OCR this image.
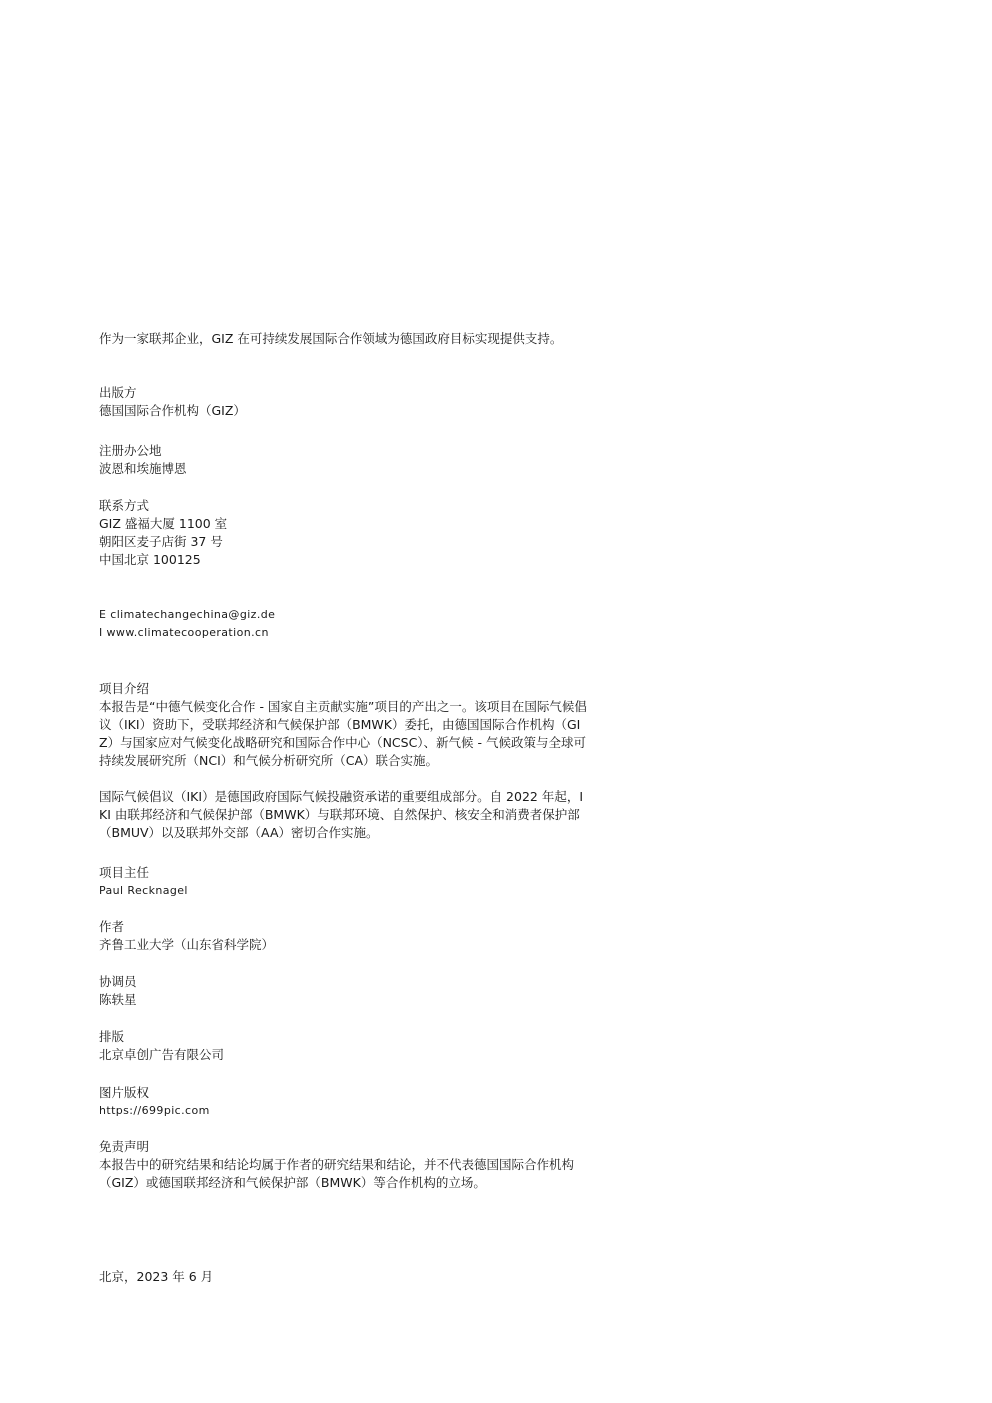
作为一家联邦企业，GIZ 在可持续发展国际合作领域为德国政府目标实现提供支持。
出版方
德国国际合作机构（GIZ）
注册办公地
波恩和埃施博恩
联系方式
GIZ 盛福大厦 1100 室
朝阳区麦子店街 37 号
中国北京 100125
E climatechangechina@giz.de
I www.climatecooperation.cn
项目介绍
本报告是“中德气候变化合作 - 国家自主贡献实施”项目的产出之一。该项目在国际气候倡议（IKI）资助下，受联邦经济和气候保护部（BMWK）委托，由德国国际合作机构（GIZ）与国家应对气候变化战略研究和国际合作中心（NCSC）、新气候 - 气候政策与全球可持续发展研究所（NCI）和气候分析研究所（CA）联合实施。
国际气候倡议（IKI）是德国政府国际气候投融资承诺的重要组成部分。自 2022 年起，IKI 由联邦经济和气候保护部（BMWK）与联邦环境、自然保护、核安全和消费者保护部（BMUV）以及联邦外交部（AA）密切合作实施。
项目主任
Paul Recknagel
作者
齐鲁工业大学（山东省科学院）
协调员
陈轶星
排版
北京卓创广告有限公司
图片版权
https://699pic.com
免责声明
本报告中的研究结果和结论均属于作者的研究结果和结论，并不代表德国国际合作机构（GIZ）或德国联邦经济和气候保护部（BMWK）等合作机构的立场。
北京，2023 年 6 月
